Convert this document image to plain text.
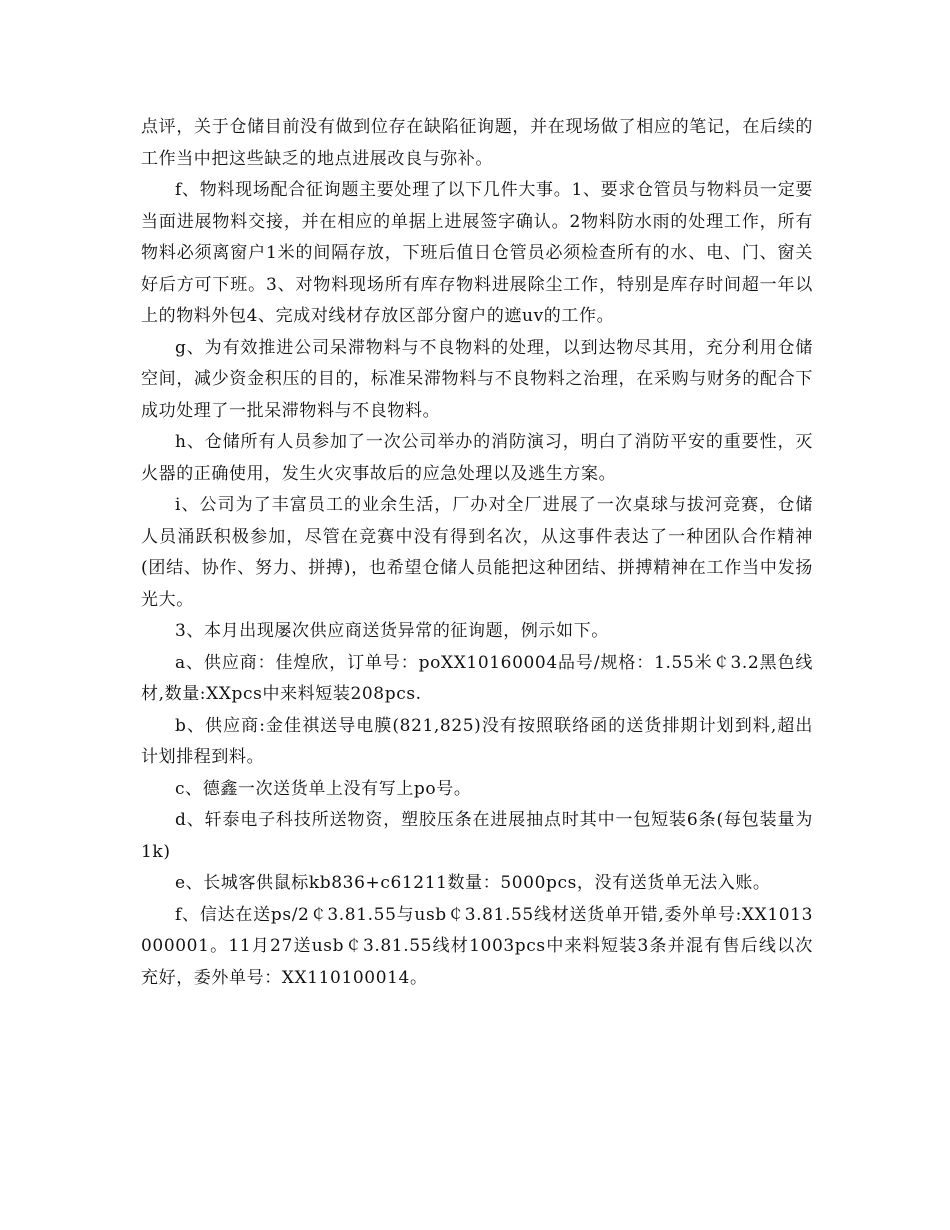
点评，关于仓储目前没有做到位存在缺陷征询题，并在现场做了相应的笔记，在后续的工作当中把这些缺乏的地点进展改良与弥补。

f、物料现场配合征询题主要处理了以下几件大事。1、要求仓管员与物料员一定要当面进展物料交接，并在相应的单据上进展签字确认。2物料防水雨的处理工作，所有物料必须离窗户1米的间隔存放，下班后值日仓管员必须检查所有的水、电、门、窗关好后方可下班。3、对物料现场所有库存物料进展除尘工作，特别是库存时间超一年以上的物料外包4、完成对线材存放区部分窗户的遮uv的工作。

g、为有效推进公司呆滞物料与不良物料的处理，以到达物尽其用，充分利用仓储空间，减少资金积压的目的，标准呆滞物料与不良物料之治理，在采购与财务的配合下成功处理了一批呆滞物料与不良物料。

h、仓储所有人员参加了一次公司举办的消防演习，明白了消防平安的重要性，灭火器的正确使用，发生火灾事故后的应急处理以及逃生方案。

i、公司为了丰富员工的业余生活，厂办对全厂进展了一次桌球与拔河竞赛，仓储人员涌跃积极参加，尽管在竞赛中没有得到名次，从这事件表达了一种团队合作精神(团结、协作、努力、拼搏)，也希望仓储人员能把这种团结、拼搏精神在工作当中发扬光大。

3、本月出现屡次供应商送货异常的征询题，例示如下。

a、供应商：佳煌欣，订单号：poXX10160004品号/规格：1.55米￠3.2黑色线材,数量:XXpcs中来料短装208pcs.

b、供应商:金佳祺送导电膜(821,825)没有按照联络函的送货排期计划到料,超出计划排程到料。

c、德鑫一次送货单上没有写上po号。

d、轩泰电子科技所送物资，塑胶压条在进展抽点时其中一包短装6条(每包装量为1k)

e、长城客供鼠标kb836+c61211数量：5000pcs，没有送货单无法入账。

f、信达在送ps/2￠3.81.55与usb￠3.81.55线材送货单开错,委外单号:XX1013000001。11月27送usb￠3.81.55线材1003pcs中来料短装3条并混有售后线以次充好，委外单号：XX110100014。
